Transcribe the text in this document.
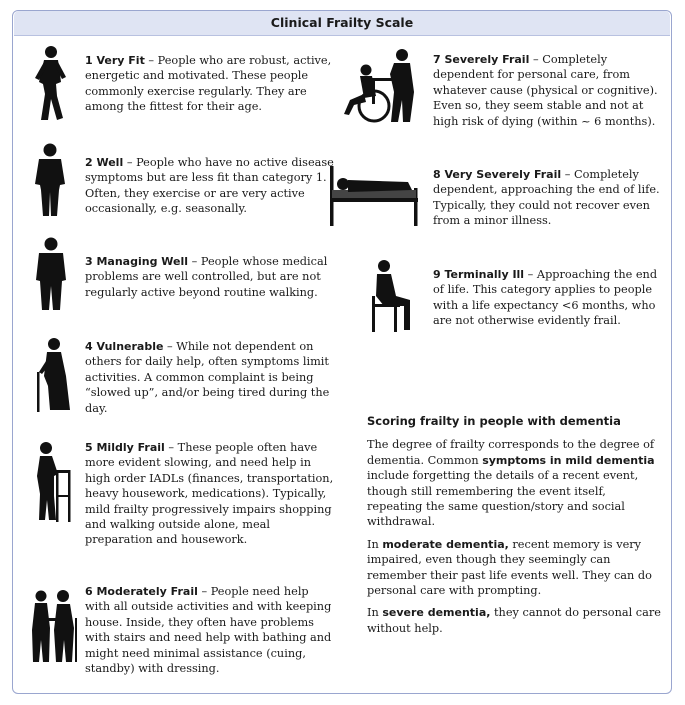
Clinical Frailty Scale
1 Very Fit – People who are robust, active, energetic and motivated. These people commonly exercise regularly. They are among the fittest for their age.
2 Well – People who have no active disease symptoms but are less fit than category 1. Often, they exercise or are very active occasionally, e.g. seasonally.
3 Managing Well – People whose medical problems are well controlled, but are not regularly active beyond routine walking.
4 Vulnerable – While not dependent on others for daily help, often symptoms limit activities. A common complaint is being “slowed up”, and/or being tired during the day.
5 Mildly Frail – These people often have more evident slowing, and need help in high order IADLs (finances, transportation, heavy housework, medications). Typically, mild frailty progressively impairs shopping and walking outside alone, meal preparation and housework.
6 Moderately Frail – People need help with all outside activities and with keeping house. Inside, they often have problems with stairs and need help with bathing and might need minimal assistance (cuing, standby) with dressing.
7 Severely Frail – Completely dependent for personal care, from whatever cause (physical or cognitive). Even so, they seem stable and not at high risk of dying (within ~ 6 months).
8 Very Severely Frail – Completely dependent, approaching the end of life. Typically, they could not recover even from a minor illness.
9 Terminally Ill – Approaching the end of life. This category applies to people with a life expectancy <6 months, who are not otherwise evidently frail.
Scoring frailty in people with dementia

The degree of frailty corresponds to the degree of dementia. Common symptoms in mild dementia include forgetting the details of a recent event, though still remembering the event itself, repeating the same question/story and social withdrawal.

In moderate dementia, recent memory is very impaired, even though they seemingly can remember their past life events well. They can do personal care with prompting.

In severe dementia, they cannot do personal care without help.
